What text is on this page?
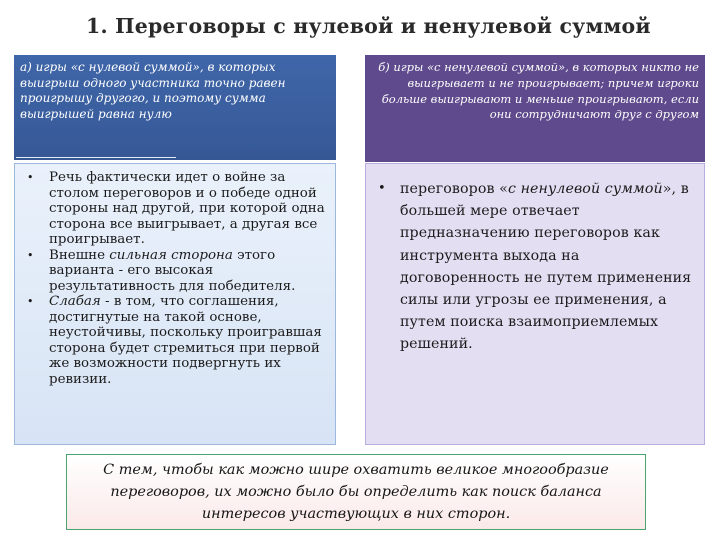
1. Переговоры с нулевой и ненулевой суммой
а) игры «с нулевой суммой», в которых выигрыш одного участника точно равен проигрышу другого, и поэтому сумма выигрышей равна нулю
б) игры «с ненулевой суммой», в которых никто не выигрывает и не проигрывает; причем игроки больше выигрывают и меньше проигрывают, если они сотрудничают друг с другом
• Речь фактически идет о войне за столом переговоров и о победе одной стороны над другой, при которой одна сторона все выигрывает, а другая все проигрывает.
• Внешне сильная сторона этого варианта - его высокая результативность для победителя.
• Слабая - в том, что соглашения, достигнутые на такой основе, неустойчивы, поскольку проигравшая сторона будет стремиться при первой же возможности подвергнуть их ревизии.
• переговоров «с ненулевой суммой», в большей мере отвечает предназначению переговоров как инструмента выхода на договоренность не путем применения силы или угрозы ее применения, а путем поиска взаимоприемлемых решений.
С тем, чтобы как можно шире охватить великое многообразие переговоров, их можно было бы определить как поиск баланса интересов участвующих в них сторон.
